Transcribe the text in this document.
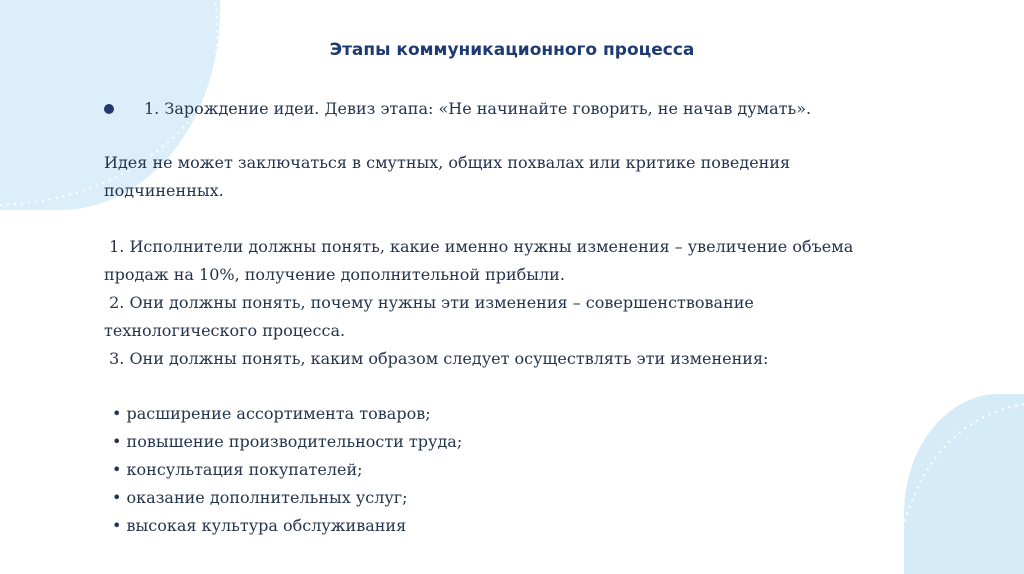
Этапы коммуникационного процесса
1. Зарождение идеи. Девиз этапа: «Не начинайте говорить, не начав думать».
Идея не может заключаться в смутных, общих похвалах или критике поведения
подчиненных.
1. Исполнители должны понять, какие именно нужны изменения – увеличение объема
продаж на 10%, получение дополнительной прибыли.
2. Они должны понять, почему нужны эти изменения – совершенствование
технологического процесса.
3. Они должны понять, каким образом следует осуществлять эти изменения:
• расширение ассортимента товаров;
• повышение производительности труда;
• консультация покупателей;
• оказание дополнительных услуг;
• высокая культура обслуживания
